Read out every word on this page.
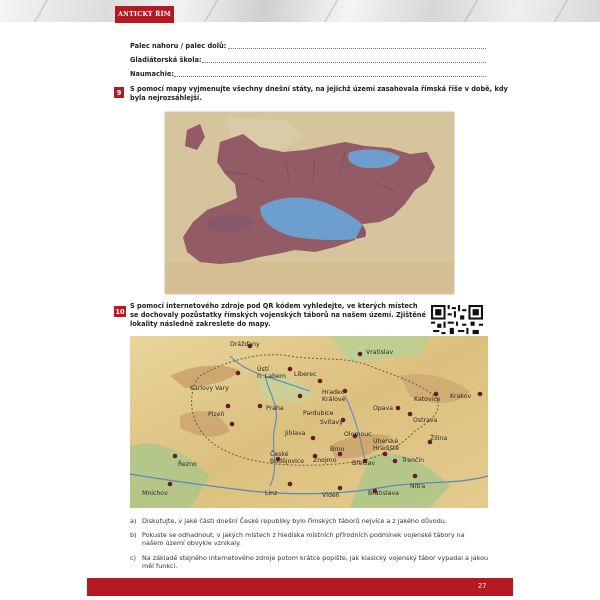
ANTICKÝ ŘÍM
Palec nahoru / palec dolů:
Gladiátorská škola:
Naumachie:
9	S pomocí mapy vyjmenujte všechny dnešní státy, na jejichž území zasahovala římská říše v době, kdy
byla nejrozsáhlejší.
10
S pomocí internetového zdroje pod QR kódem vyhledejte, ve kterých místech
se dochovaly pozůstatky římských vojenských táborů na našem území. Zjištěné
lokality následně zakreslete do mapy.
Drážďany
Vratislav
Ústí
n. Labem Liberec
Hradec
Králové
Karlovy Vary
Praha
Pardubice
Katovice Krakov
Opava
Ostrava
Plzeň
Svitavy
Olomouc
Jihlava
Brno
Uherské
Hradiště
Žilina
České
Budějovice Znojmo	Břeclav	Trenčín
Řezno
Nitra
Mnichov	Linz	Vídeň	Bratislava
a) Diskutujte, v jaké části dnešní České republiky bylo římských táborů nejvíce a z jakého důvodu.
b) Pokuste se odhadnout, v jakých místech z hlediska místních přírodních podmínek vojenské tábory na
našem území obvykle vznikaly.
c) Na základě stejného internetového zdroje potom krátce popište, jak klasický vojenský tábor vypadal a jakou
měl funkci.
27
